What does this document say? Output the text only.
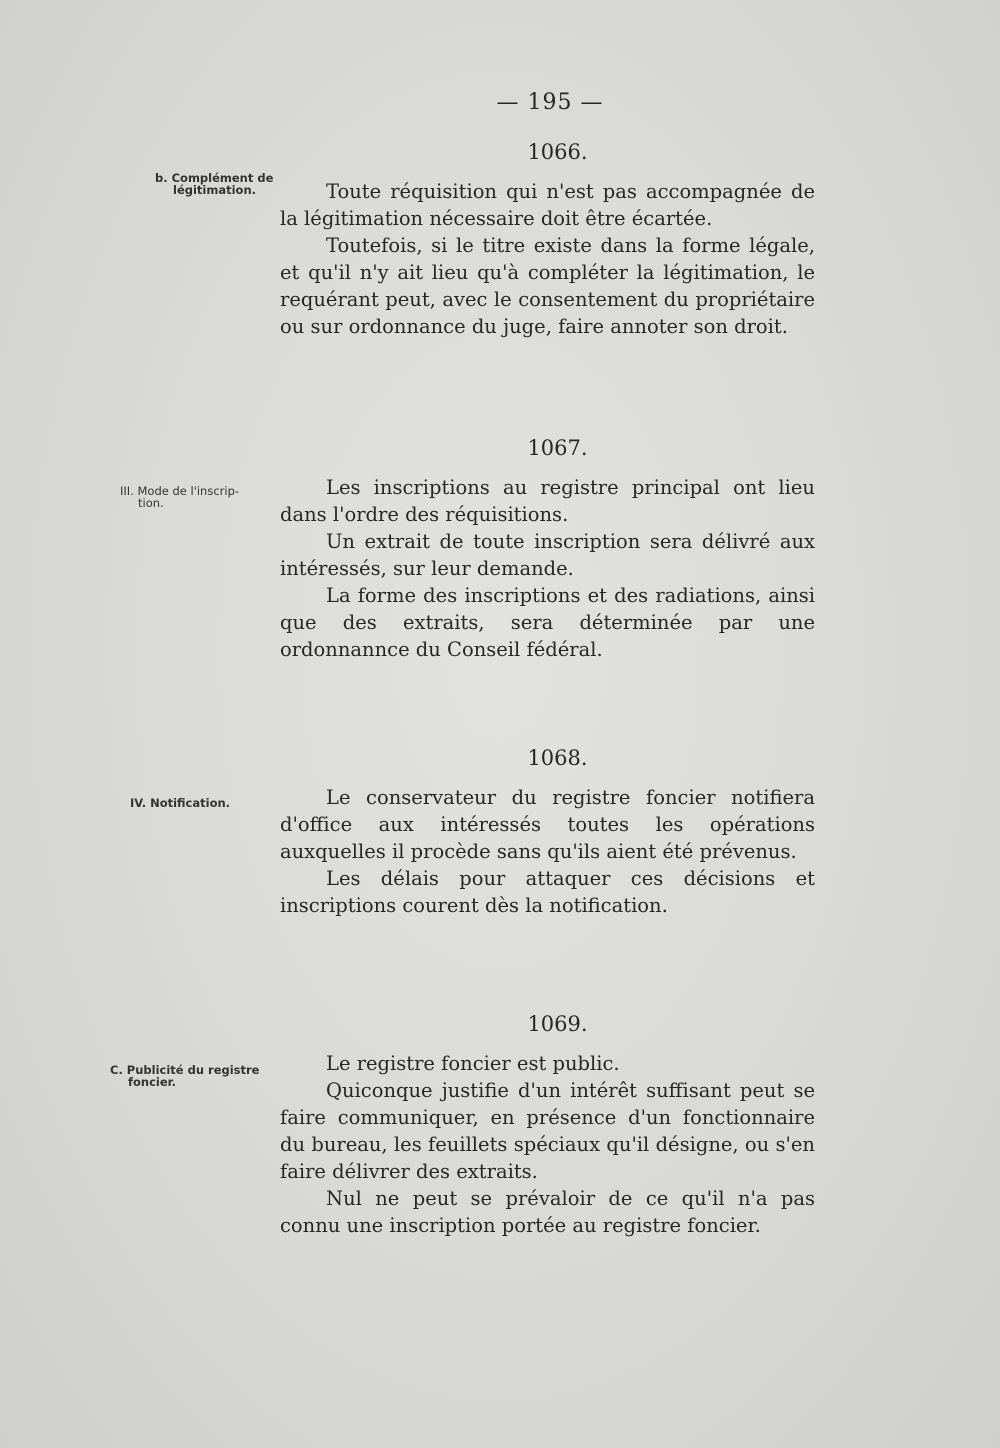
— 195 —
b. Complément de
légitimation.
1066.

Toute réquisition qui n'est pas accompagnée de la légitimation nécessaire doit être écartée.

Toutefois, si le titre existe dans la forme légale, et qu'il n'y ait lieu qu'à compléter la légitimation, le requérant peut, avec le consentement du propriétaire ou sur ordonnance du juge, faire annoter son droit.

III. Mode de l'inscrip-
tion.
1067.

Les inscriptions au registre principal ont lieu dans l'ordre des réquisitions.

Un extrait de toute inscription sera délivré aux intéressés, sur leur demande.

La forme des inscriptions et des radiations, ainsi que des extraits, sera déterminée par une ordonnannce du Conseil fédéral.

IV. Notification.
1068.

Le conservateur du registre foncier notifiera d'office aux intéressés toutes les opérations auxquelles il procède sans qu'ils aient été prévenus.

Les délais pour attaquer ces décisions et inscriptions courent dès la notification.

C. Publicité du registre
foncier.
1069.

Le registre foncier est public.

Quiconque justifie d'un intérêt suffisant peut se faire communiquer, en présence d'un fonctionnaire du bureau, les feuillets spéciaux qu'il désigne, ou s'en faire délivrer des extraits.

Nul ne peut se prévaloir de ce qu'il n'a pas connu une inscription portée au registre foncier.
